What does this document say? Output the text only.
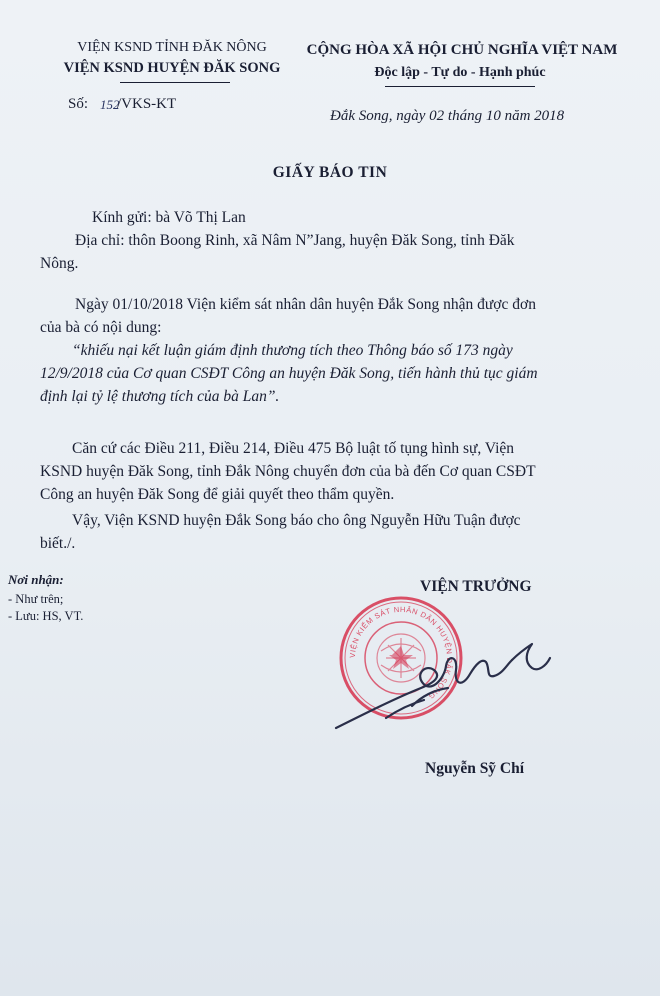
VIỆN KSND TỈNH ĐĂK NÔNG
VIỆN KSND HUYỆN ĐĂK SONG
CỘNG HÒA XÃ HỘI CHỦ NGHĨA VIỆT NAM
Độc lập - Tự do - Hạnh phúc
Số: 152
/VKS-KT
Đắk Song, ngày 02 tháng 10 năm 2018
GIẤY BÁO TIN
Kính gửi: bà Võ Thị Lan
Địa chỉ: thôn Boong Rinh, xã Nâm N”Jang, huyện Đăk Song, tỉnh Đăk
Nông.
Ngày 01/10/2018 Viện kiểm sát nhân dân huyện Đắk Song nhận được đơn
của bà có nội dung:
“khiếu nại kết luận giám định thương tích theo Thông báo số 173 ngày
12/9/2018 của Cơ quan CSĐT Công an huyện Đăk Song, tiến hành thủ tục giám
định lại tỷ lệ thương tích của bà Lan”.
Căn cứ các Điều 211, Điều 214, Điều 475 Bộ luật tố tụng hình sự, Viện
KSND huyện Đăk Song, tỉnh Đắk Nông chuyển đơn của bà đến Cơ quan CSĐT
Công an huyện Đăk Song để giải quyết theo thẩm quyền.
Vậy, Viện KSND huyện Đắk Song báo cho ông Nguyễn Hữu Tuận được
biết./.
Nơi nhận:
- Như trên;
- Lưu: HS, VT.
VIỆN TRƯỞNG
VIỆN KIỂM SÁT NHÂN DÂN HUYỆN ĐĂK SONG
Nguyễn Sỹ Chí
